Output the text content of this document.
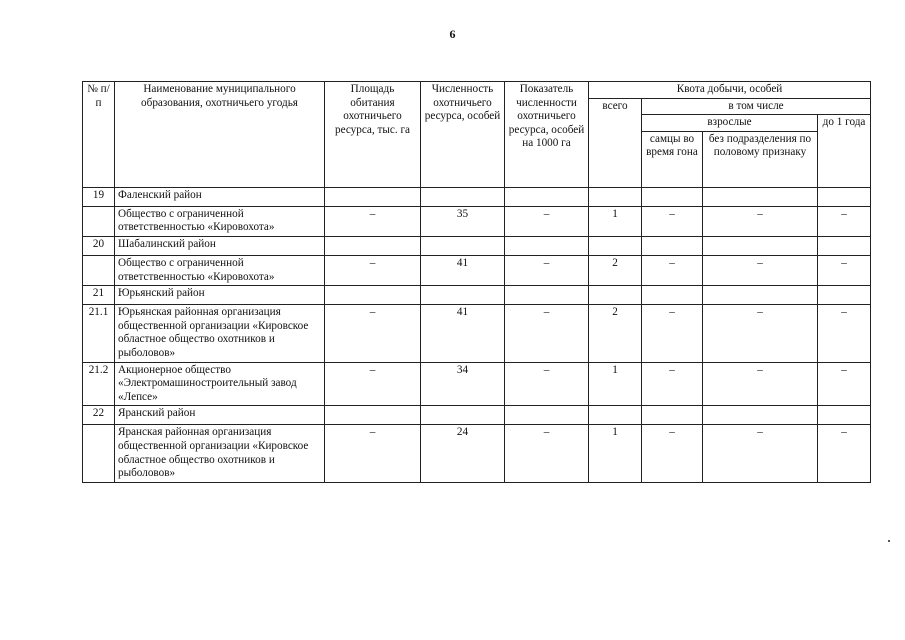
6
№ п/п	Наименование муниципального образования, охотничьего угодья	Площадь обитания охотничьего ресурса, тыс. га	Численность охотничьего ресурса, особей	Показатель численности охотничьего ресурса, особей на 1000 га	Квота добычи, особей			
					всего	в том числе		
						взрослые		до 1 года
						самцы во время гона	без подразделения по половому признаку	
19	Фаленский район							
	Общество с ограниченной ответственностью «Кировохота»	–	35	–	1	–	–	–
20	Шабалинский район							
	Общество с ограниченной ответственностью «Кировохота»	–	41	–	2	–	–	–
21	Юрьянский район							
21.1	Юрьянская районная организация общественной организации «Кировское областное общество охотников и рыболовов»	–	41	–	2	–	–	–
21.2	Акционерное общество «Электромашиностроительный завод «Лепсе»	–	34	–	1	–	–	–
22	Яранский район							
	Яранская районная организация общественной организации «Кировское областное общество охотников и рыболовов»	–	24	–	1	–	–	–
